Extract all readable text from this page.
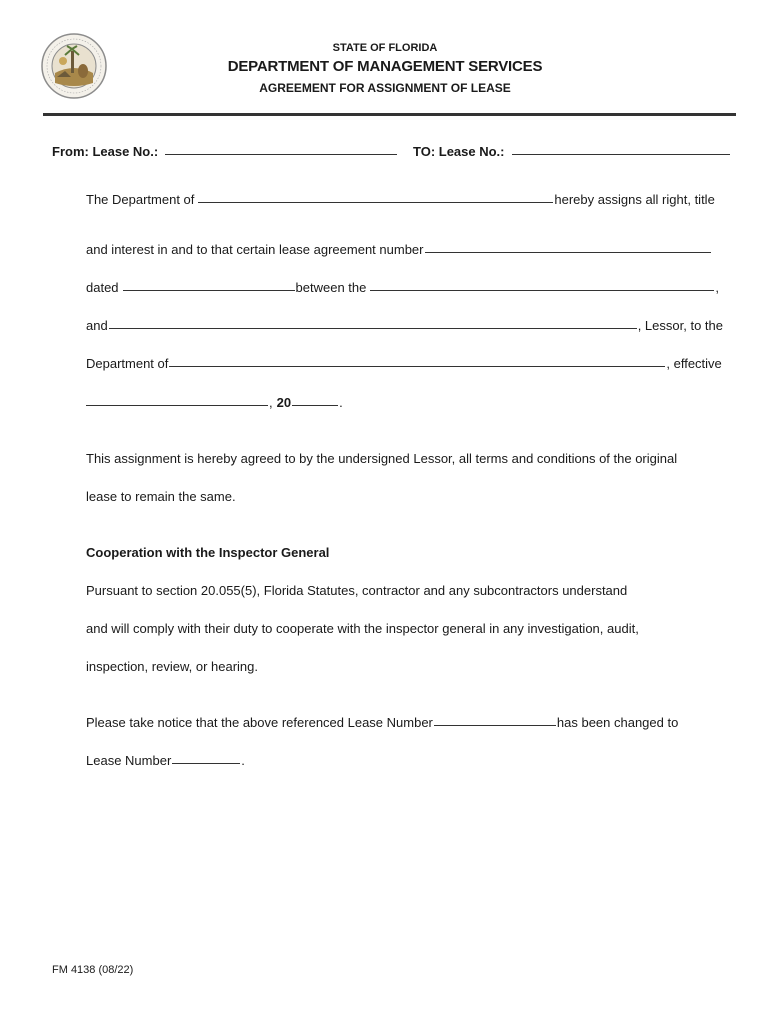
STATE OF FLORIDA
DEPARTMENT OF MANAGEMENT SERVICES
AGREEMENT FOR ASSIGNMENT OF LEASE
From: Lease No.:	TO: Lease No.:
The Department of	hereby assigns all right, title
and interest in and to that certain lease agreement number
dated	between the	,
and	, Lessor, to the
Department of	, effective
, 20	.
This assignment is hereby agreed to by the undersigned Lessor, all terms and conditions of the original
lease to remain the same.
Cooperation with the Inspector General
Pursuant to section 20.055(5), Florida Statutes, contractor and any subcontractors understand
and will comply with their duty to cooperate with the inspector general in any investigation, audit,
inspection, review, or hearing.
Please take notice that the above referenced Lease Number	has been changed to
Lease Number	.
FM 4138 (08/22)
